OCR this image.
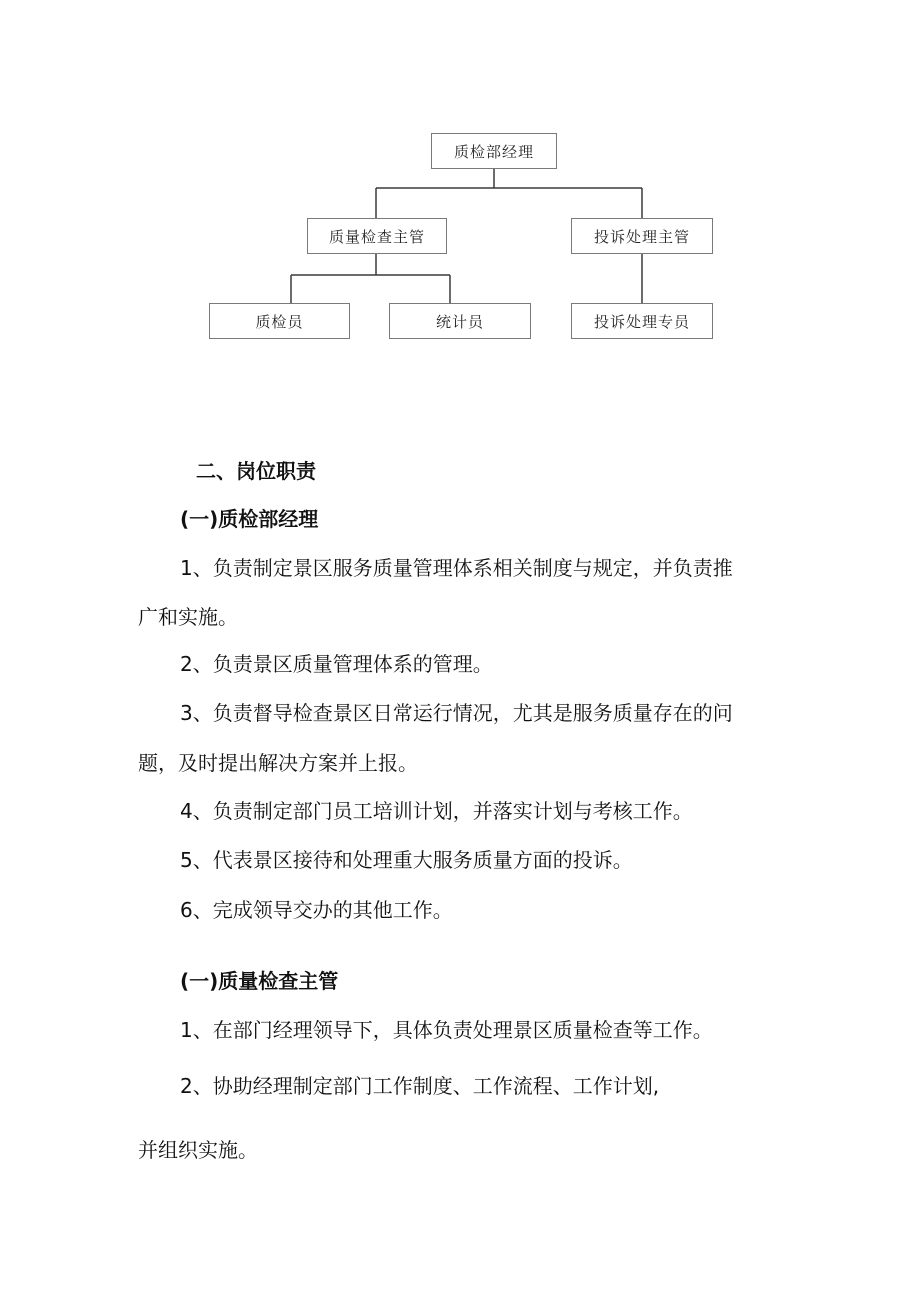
质检部经理
质量检查主管	投诉处理主管
质检员	统计员	投诉处理专员
二、岗位职责
(一)质检部经理
1、负责制定景区服务质量管理体系相关制度与规定，并负责推
广和实施。
2、负责景区质量管理体系的管理。
3、负责督导检查景区日常运行情况，尤其是服务质量存在的问
题，及时提出解决方案并上报。
4、负责制定部门员工培训计划，并落实计划与考核工作。
5、代表景区接待和处理重大服务质量方面的投诉。
6、完成领导交办的其他工作。
(一)质量检查主管
1、在部门经理领导下，具体负责处理景区质量检查等工作。
2、协助经理制定部门工作制度、工作流程、工作计划,
并组织实施。
